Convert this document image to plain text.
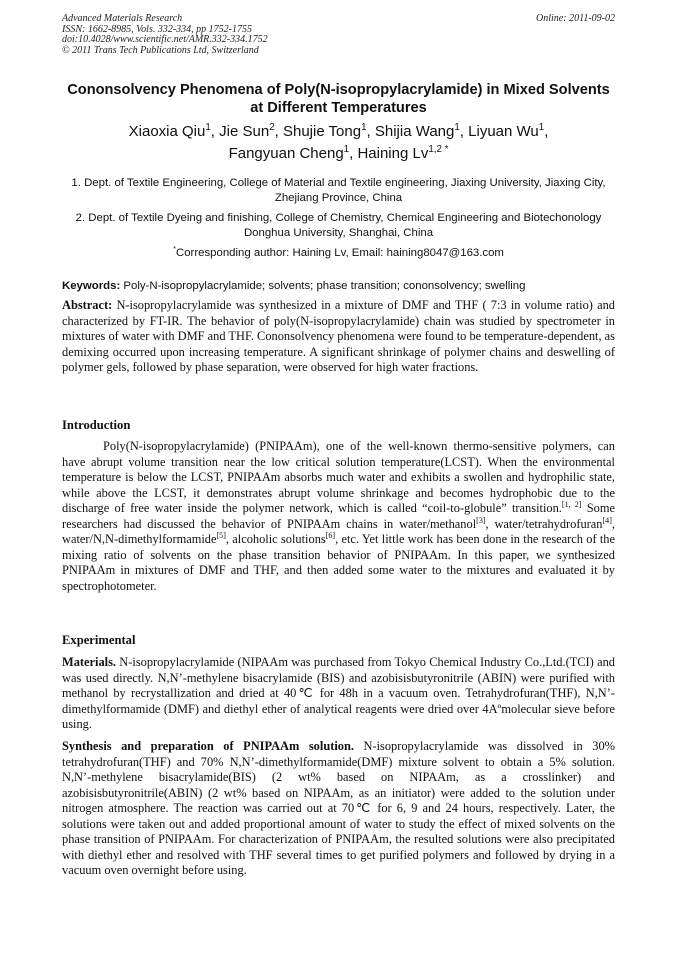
Advanced Materials Research
ISSN: 1662-8985, Vols. 332-334, pp 1752-1755
doi:10.4028/www.scientific.net/AMR.332-334.1752
© 2011 Trans Tech Publications Ltd, Switzerland
Online: 2011-09-02
Cononsolvency Phenomena of Poly(N-isopropylacrylamide) in Mixed Solvents at Different Temperatures
Xiaoxia Qiu$^1$, Jie Sun$^2$, Shujie Tong$^1$, Shijia Wang$^1$, Liyuan Wu$^1$,
Fangyuan Cheng$^1$, Haining $Lv^{1,2 *}$
1. Dept. of Textile Engineering, College of Material and Textile engineering, Jiaxing University, Jiaxing City, Zhejiang Province, China
2. Dept. of Textile Dyeing and finishing, College of Chemistry, Chemical Engineering and Biotechonology Donghua University, Shanghai, China
*Corresponding author: Haining Lv, Email: haining8047@163.com
Keywords: Poly-N-isopropylacrylamide; solvents; phase transition; cononsolvency; swelling
Abstract: N-isopropylacrylamide was synthesized in a mixture of DMF and THF ( 7:3 in volume ratio) and characterized by FT-IR. The behavior of poly(N-isopropylacrylamide) chain was studied by spectrometer in mixtures of water with DMF and THF. Cononsolvency phenomena were found to be temperature-dependent, as demixing occurred upon increasing temperature. A significant shrinkage of polymer chains and deswelling of polymer gels, followed by phase separation, were observed for high water fractions.
Introduction
Poly(N-isopropylacrylamide) (PNIPAAm), one of the well-known thermo-sensitive polymers, can have abrupt volume transition near the low critical solution temperature(LCST). When the environmental temperature is below the LCST, PNIPAAm absorbs much water and exhibits a swollen and hydrophilic state, while above the LCST, it demonstrates abrupt volume shrinkage and becomes hydrophobic due to the discharge of free water inside the polymer network, which is called “coil-to-globule” transition.[1, 2] Some researchers had discussed the behavior of PNIPAAm chains in water/methanol[3], water/tetrahydrofuran[4], water/N,N-dimethylformamide[5], alcoholic solutions[6], etc. Yet little work has been done in the research of the mixing ratio of solvents on the phase transition behavior of PNIPAAm. In this paper, we synthesized PNIPAAm in mixtures of DMF and THF, and then added some water to the mixtures and evaluated it by spectrophotometer.
Experimental
Materials. N-isopropylacrylamide (NIPAAm was purchased from Tokyo Chemical Industry Co.,Ltd.(TCI) and was used directly. N,N’-methylene bisacrylamide (BIS) and azobisisbutyronitrile (ABIN) were purified with methanol by recrystallization and dried at 40℃ for 48h in a vacuum oven. Tetrahydrofuran(THF), N,N’-dimethylformamide (DMF) and diethyl ether of analytical reagents were dried over 4Aºmolecular sieve before using.
Synthesis and preparation of PNIPAAm solution. N-isopropylacrylamide was dissolved in 30% tetrahydrofuran(THF) and 70% N,N’-dimethylformamide(DMF) mixture solvent to obtain a 5% solution. N,N’-methylene bisacrylamide(BIS) (2 wt% based on NIPAAm, as a crosslinker) and azobisisbutyronitrile(ABIN) (2 wt% based on NIPAAm, as an initiator) were added to the solution under nitrogen atmosphere. The reaction was carried out at 70℃ for 6, 9 and 24 hours, respectively. Later, the solutions were taken out and added proportional amount of water to study the effect of mixed solvents on the phase transition of PNIPAAm. For characterization of PNIPAAm, the resulted solutions were also precipitated with diethyl ether and resolved with THF several times to get purified polymers and followed by drying in a vacuum oven overnight before using.
